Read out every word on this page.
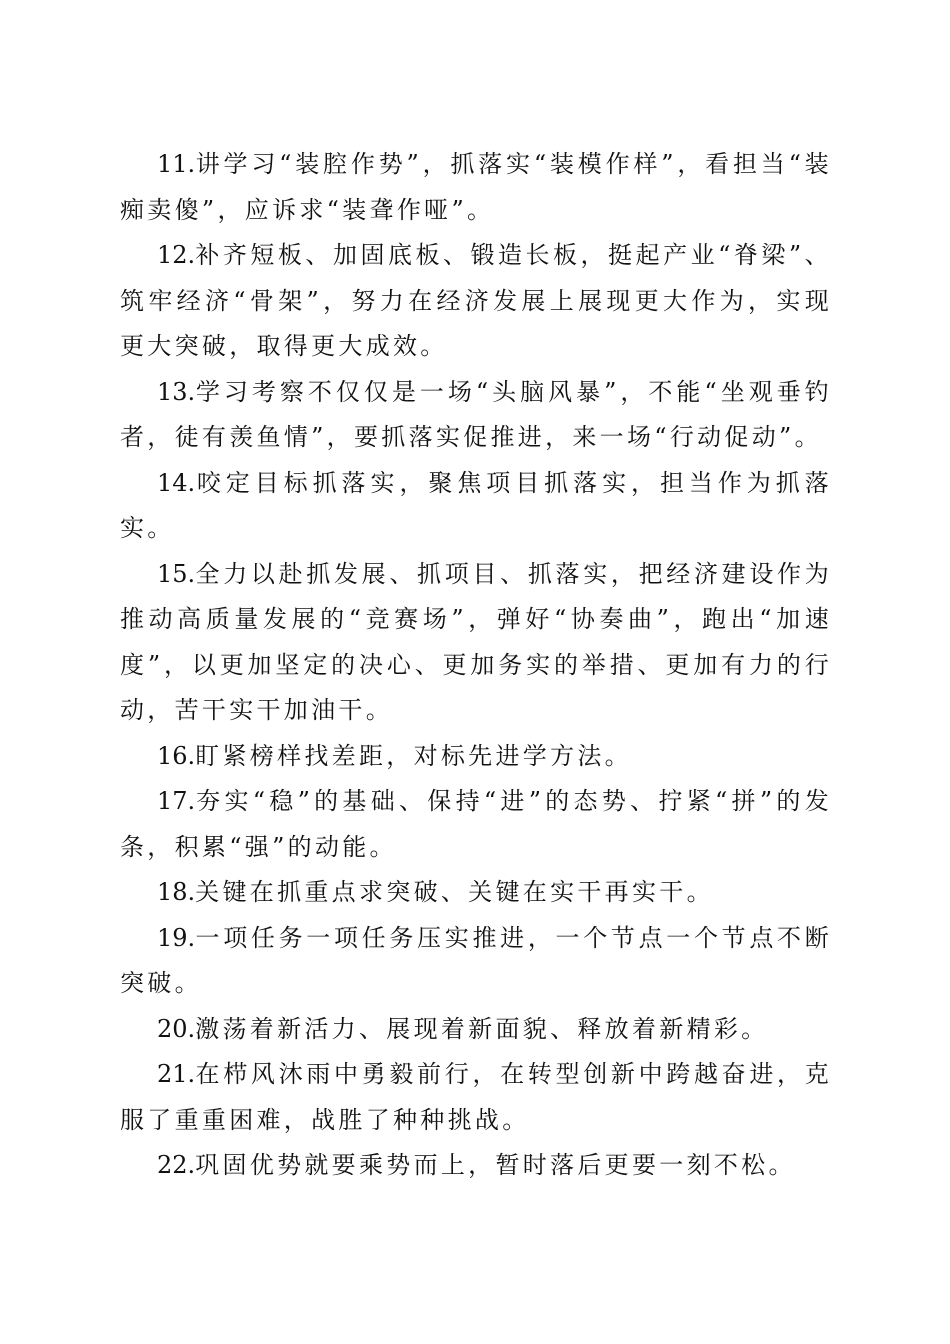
11.讲学习“装腔作势”，抓落实“装模作样”，看担当“装痴卖傻”，应诉求“装聋作哑”。

12.补齐短板、加固底板、锻造长板，挺起产业“脊梁”、筑牢经济“骨架”，努力在经济发展上展现更大作为，实现更大突破，取得更大成效。

13.学习考察不仅仅是一场“头脑风暴”，不能“坐观垂钓者，徒有羡鱼情”，要抓落实促推进，来一场“行动促动”。

14.咬定目标抓落实，聚焦项目抓落实，担当作为抓落实。

15.全力以赴抓发展、抓项目、抓落实，把经济建设作为推动高质量发展的“竞赛场”，弹好“协奏曲”，跑出“加速度”，以更加坚定的决心、更加务实的举措、更加有力的行动，苦干实干加油干。

16.盯紧榜样找差距，对标先进学方法。

17.夯实“稳”的基础、保持“进”的态势、拧紧“拼”的发条，积累“强”的动能。

18.关键在抓重点求突破、关键在实干再实干。

19.一项任务一项任务压实推进，一个节点一个节点不断突破。

20.激荡着新活力、展现着新面貌、释放着新精彩。

21.在栉风沐雨中勇毅前行，在转型创新中跨越奋进，克服了重重困难，战胜了种种挑战。

22.巩固优势就要乘势而上，暂时落后更要一刻不松。
